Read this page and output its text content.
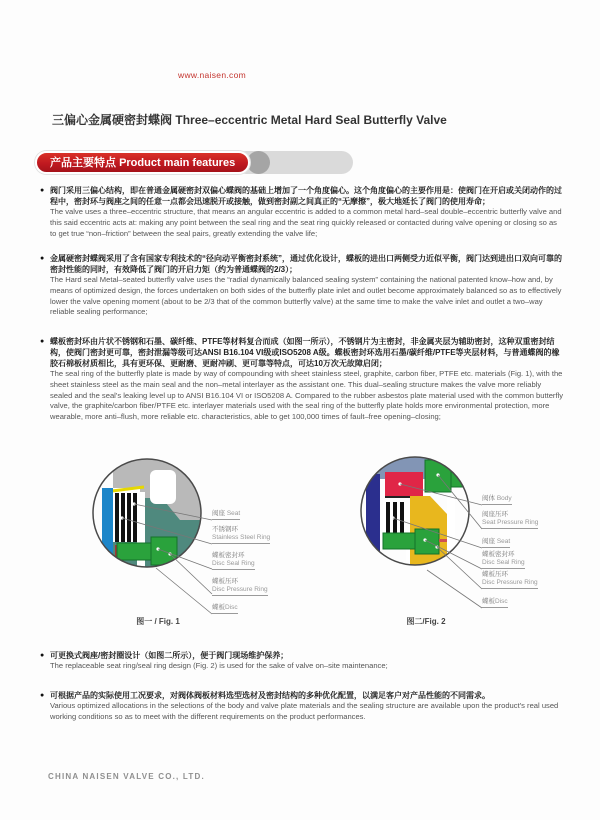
www.naisen.com
三偏心金属硬密封蝶阀 Three–eccentric Metal Hard Seal Butterfly Valve
产品主要特点 Product main features
● 阀门采用三偏心结构，即在普通金属硬密封双偏心蝶阀的基础上增加了一个角度偏心。这个角度偏心的主要作用是：使阀门在开启或关闭动作的过程中，密封环与阀座之间的任意一点都会迅速脱开或接触，做到密封副之间真正的“无摩擦”，极大地延长了阀门的使用寿命；

The valve uses a three–eccentric structure, that means an angular eccentric is added to a common metal hard–seal double–eccentric butterfly valve and this said eccentric acts at: making any point between the seal ring and the seat ring quickly released or contacted during valve opening or closing so as to get true “non–friction” between the seal pairs, greatly extending the valve life;

● 金属硬密封蝶阀采用了含有国家专利技术的“径向动平衡密封系统”，通过优化设计，蝶板的进出口两侧受力近似平衡，阀门达到进出口双向可靠的密封性能的同时，有效降低了阀门的开启力矩（约为普通蝶阀的2/3）；

The Hard seal Metal–seated butterfly valve uses the “radial dynamically balanced sealing system” containing the national patented know–how and, by means of optimized design, the forces undertaken on both sides of the butterfly plate inlet and outlet become approximately balanced so as to effectively lower the valve opening moment (about to be 2/3 that of the common butterfly valve) at the same time to make the valve inlet and outlet a two–way reliable sealing performance;

● 蝶板密封环由片状不锈钢和石墨、碳纤维、PTFE等材料复合而成（如图一所示），不锈钢片为主密封，非金属夹层为辅助密封，这种双重密封结构，使阀门密封更可靠，密封泄漏等级可达ANSI B16.104 VI级或ISO5208 A级。蝶板密封环选用石墨/碳纤维/PTFE等夹层材料，与普通蝶阀的橡胶石棉板材质相比，具有更环保、更耐磨、更耐冲刷、更可靠等特点，可达10万次无故障启闭；

The seal ring of the butterfly plate is made by way of compounding with sheet stainless steel, graphite, carbon fiber, PTFE etc. materials (Fig. 1), with the sheet stainless steel as the main seal and the non–metal interlayer as the assistant one. This dual–sealing structure makes the valve more reliably sealed and the seal's leaking level up to ANSI B16.104 VI or ISO5208 A. Compared to the rubber asbestos plate material used with the common butterfly valve, the graphite/carbon fiber/PTFE etc. interlayer materials used with the seal ring of the butterfly plate holds more environmental protection, more wearable, more anti–flush, more reliable etc. characteristics, able to get 100,000 times of fault–free opening–closing;

阀座 Seat
不锈钢环
Stainless Steel Ring
蝶板密封环
Disc Seal Ring
蝶板压环
Disc Pressure Ring
蝶板Disc
图一 / Fig. 1
阀体 Body
阀座压环
Seat Pressure Ring
阀座 Seat
蝶板密封环
Disc Seal Ring
蝶板压环
Disc Pressure Ring
蝶板Disc
图二/Fig. 2
● 可更换式阀座/密封圈设计（如图二所示），便于阀门现场维护保养；

The replaceable seat ring/seal ring design (Fig. 2) is used for the sake of valve on–site maintenance;

● 可根据产品的实际使用工况要求，对阀体阀板材料选型选材及密封结构的多种优化配置，以满足客户对产品性能的不同需求。

Various optimized allocations in the selections of the body and valve plate materials and the sealing structure are available upon the product's real used working conditions so as to meet with the different requirements on the product performances.

CHINA NAISEN VALVE CO., LTD.
